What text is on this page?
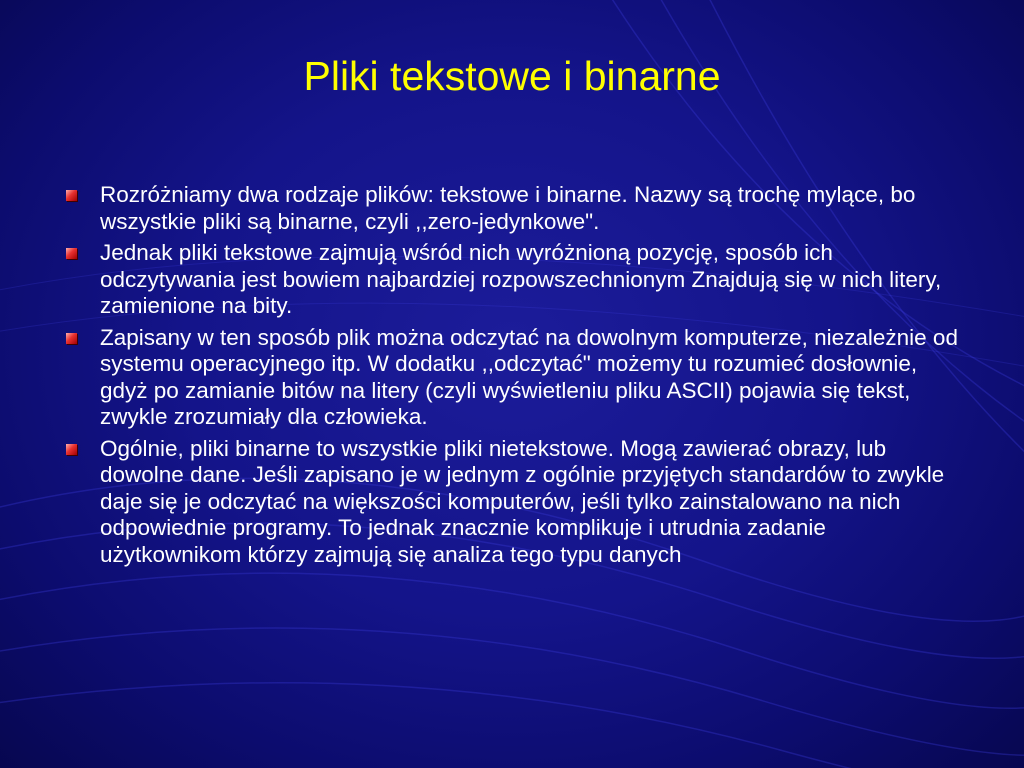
Pliki tekstowe i binarne

Rozróżniamy dwa rodzaje plików: tekstowe i binarne. Nazwy są trochę mylące, bo wszystkie pliki są binarne, czyli ,,zero-jedynkowe".

Jednak pliki tekstowe zajmują wśród nich wyróżnioną pozycję, sposób ich odczytywania jest bowiem najbardziej rozpowszechnionym Znajdują się w nich litery, zamienione na bity.

Zapisany w ten sposób plik można odczytać na dowolnym komputerze, niezależnie od systemu operacyjnego itp. W dodatku ,,odczytać" możemy tu rozumieć dosłownie, gdyż po zamianie bitów na litery (czyli wyświetleniu pliku ASCII) pojawia się tekst, zwykle zrozumiały dla człowieka.

Ogólnie, pliki binarne to wszystkie pliki nietekstowe. Mogą zawierać obrazy, lub dowolne dane. Jeśli zapisano je w jednym z ogólnie przyjętych standardów to zwykle daje się je odczytać na większości komputerów, jeśli tylko zainstalowano na nich odpowiednie programy. To jednak znacznie komplikuje i utrudnia zadanie użytkownikom którzy zajmują się analiza tego typu danych
